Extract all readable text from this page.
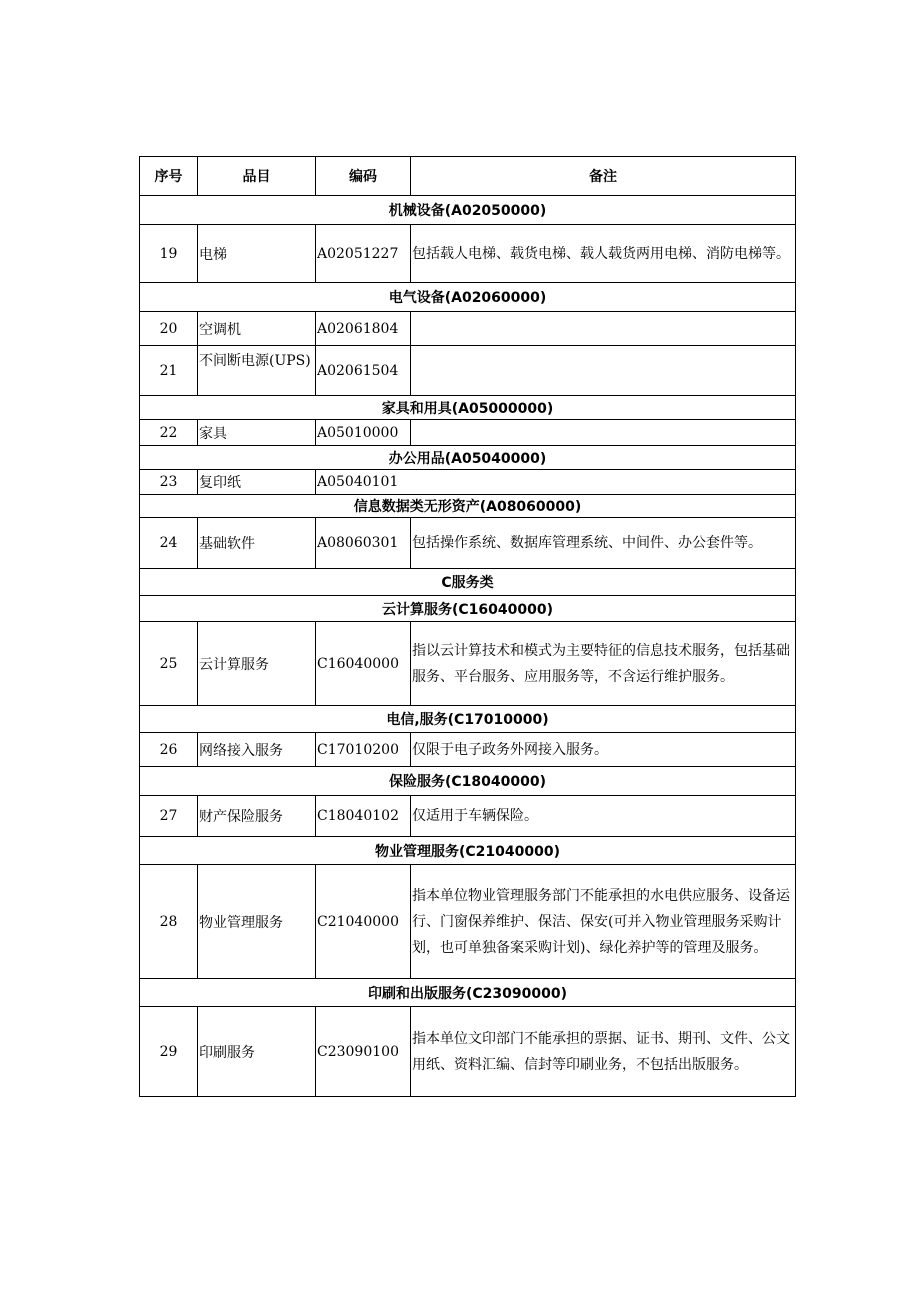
序号	品目	编码	备注
机械设备(A02050000)			
19	电梯	A02051227	包括载人电梯、载货电梯、载人载货两用电梯、消防电梯等。
电气设备(A02060000)			
20	空调机	A02061804	
21	不间断电源(UPS)	A02061504	
家具和用具(A05000000)			
22	家具	A05010000	
办公用品(A05040000)			
23	复印纸	A05040101	
信息数据类无形资产(A08060000)			
24	基础软件	A08060301	包括操作系统、数据库管理系统、中间件、办公套件等。
C服务类			
云计算服务(C16040000)			
25	云计算服务	C16040000	指以云计算技术和模式为主要特征的信息技术服务，包括基础服务、平台服务、应用服务等，不含运行维护服务。
电信,服务(C17010000)			
26	网络接入服务	C17010200	仅限于电子政务外网接入服务。
保险服务(C18040000)			
27	财产保险服务	C18040102	仅适用于车辆保险。
物业管理服务(C21040000)			
28	物业管理服务	C21040000	指本单位物业管理服务部门不能承担的水电供应服务、设备运行、门窗保养维护、保洁、保安(可并入物业管理服务采购计划，也可单独备案采购计划)、绿化养护等的管理及服务。
印刷和出版服务(C23090000)			
29	印刷服务	C23090100	指本单位文印部门不能承担的票据、证书、期刊、文件、公文用纸、资料汇编、信封等印刷业务，不包括出版服务。
